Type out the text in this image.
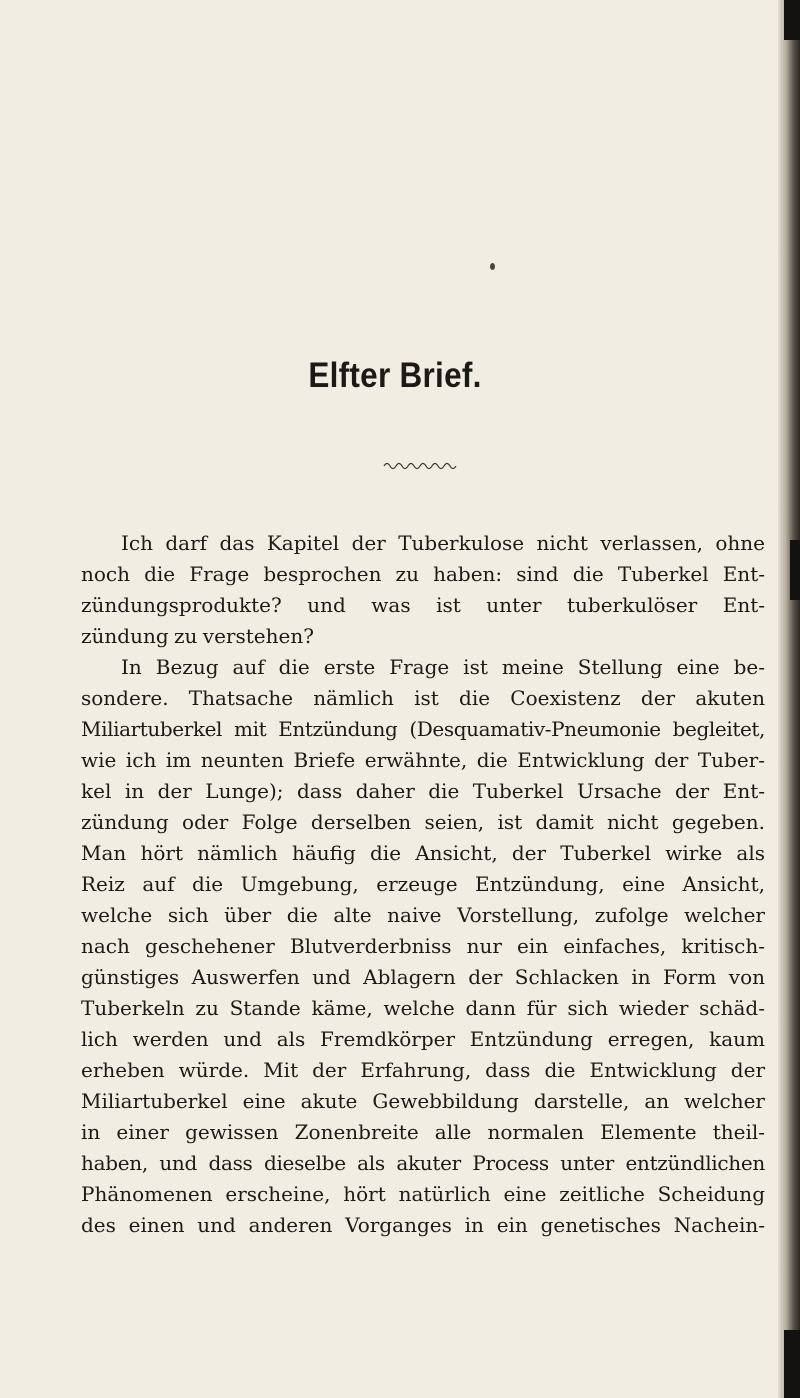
Elfter Brief.
Ich darf das Kapitel der Tuberkulose nicht verlassen, ohne
noch die Frage besprochen zu haben: sind die Tuberkel Ent-
zündungsprodukte? und was ist unter tuberkulöser Ent-
zündung zu verstehen?
In Bezug auf die erste Frage ist meine Stellung eine be-
sondere. Thatsache nämlich ist die Coexistenz der akuten
Miliartuberkel mit Entzündung (Desquamativ-Pneumonie begleitet,
wie ich im neunten Briefe erwähnte, die Entwicklung der Tuber-
kel in der Lunge); dass daher die Tuberkel Ursache der Ent-
zündung oder Folge derselben seien, ist damit nicht gegeben.
Man hört nämlich häufig die Ansicht, der Tuberkel wirke als
Reiz auf die Umgebung, erzeuge Entzündung, eine Ansicht,
welche sich über die alte naive Vorstellung, zufolge welcher
nach geschehener Blutverderbniss nur ein einfaches, kritisch-
günstiges Auswerfen und Ablagern der Schlacken in Form von
Tuberkeln zu Stande käme, welche dann für sich wieder schäd-
lich werden und als Fremdkörper Entzündung erregen, kaum
erheben würde. Mit der Erfahrung, dass die Entwicklung der
Miliartuberkel eine akute Gewebbildung darstelle, an welcher
in einer gewissen Zonenbreite alle normalen Elemente theil-
haben, und dass dieselbe als akuter Process unter entzündlichen
Phänomenen erscheine, hört natürlich eine zeitliche Scheidung
des einen und anderen Vorganges in ein genetisches Nachein-
